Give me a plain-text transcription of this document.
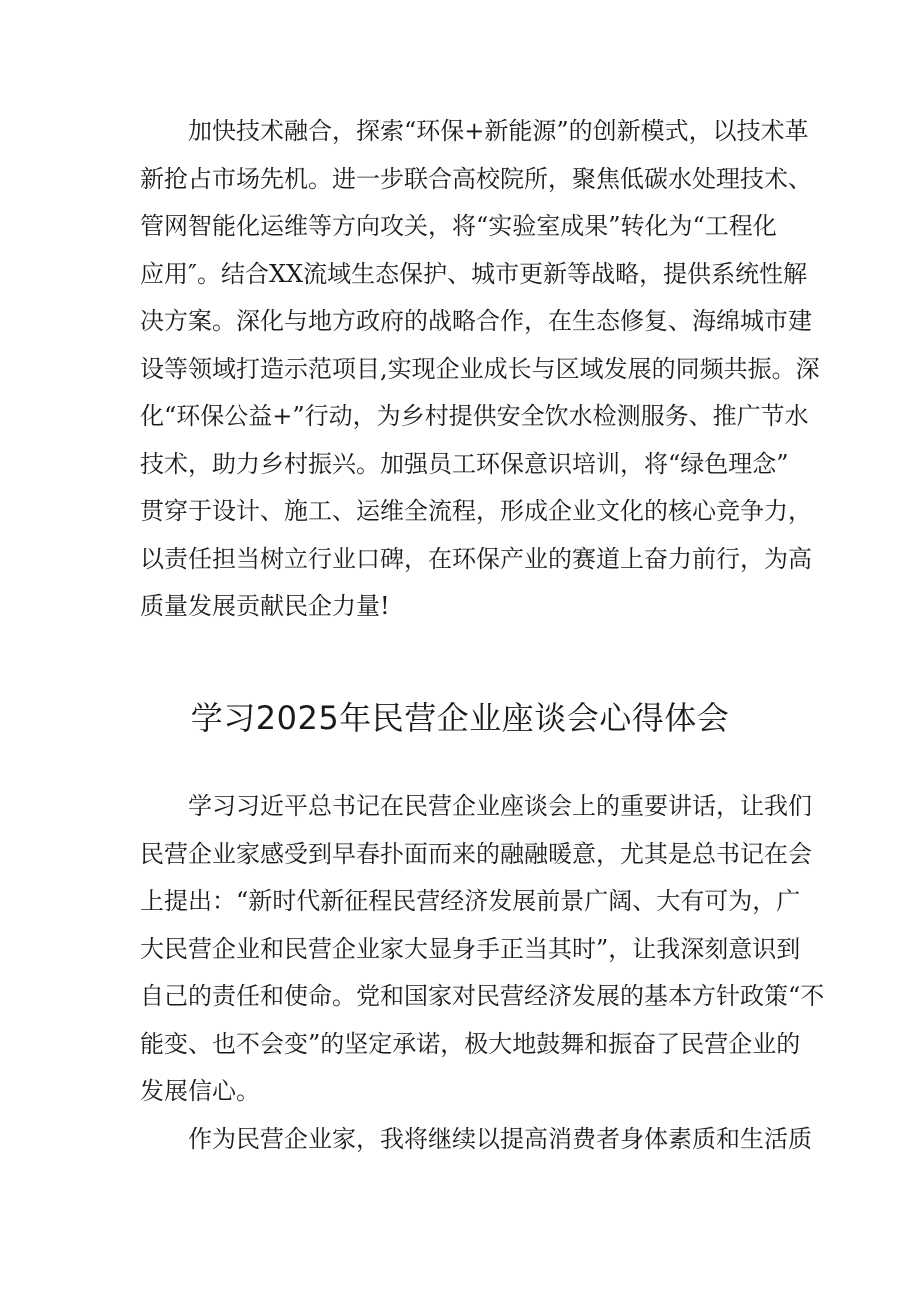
　　加快技术融合，探索“环保+新能源”的创新模式，以技术革
新抢占市场先机。进一步联合高校院所，聚焦低碳水处理技术、
管网智能化运维等方向攻关，将“实验室成果”转化为“工程化
应用″。结合XX流域生态保护、城市更新等战略，提供系统性解
决方案。深化与地方政府的战略合作，在生态修复、海绵城市建
设等领域打造示范项目,实现企业成长与区域发展的同频共振。深
化“环保公益+”行动，为乡村提供安全饮水检测服务、推广节水
技术，助力乡村振兴。加强员工环保意识培训，将“绿色理念”
贯穿于设计、施工、运维全流程，形成企业文化的核心竞争力，
以责任担当树立行业口碑，在环保产业的赛道上奋力前行，为高
质量发展贡献民企力量!
学习2025年民营企业座谈会心得体会
　　学习习近平总书记在民营企业座谈会上的重要讲话，让我们
民营企业家感受到早春扑面而来的融融暖意，尤其是总书记在会
上提出：“新时代新征程民营经济发展前景广阔、大有可为，广
大民营企业和民营企业家大显身手正当其时”，让我深刻意识到
自己的责任和使命。党和国家对民营经济发展的基本方针政策“不
能变、也不会变”的坚定承诺，极大地鼓舞和振奋了民营企业的
发展信心。
　　作为民营企业家，我将继续以提高消费者身体素质和生活质
